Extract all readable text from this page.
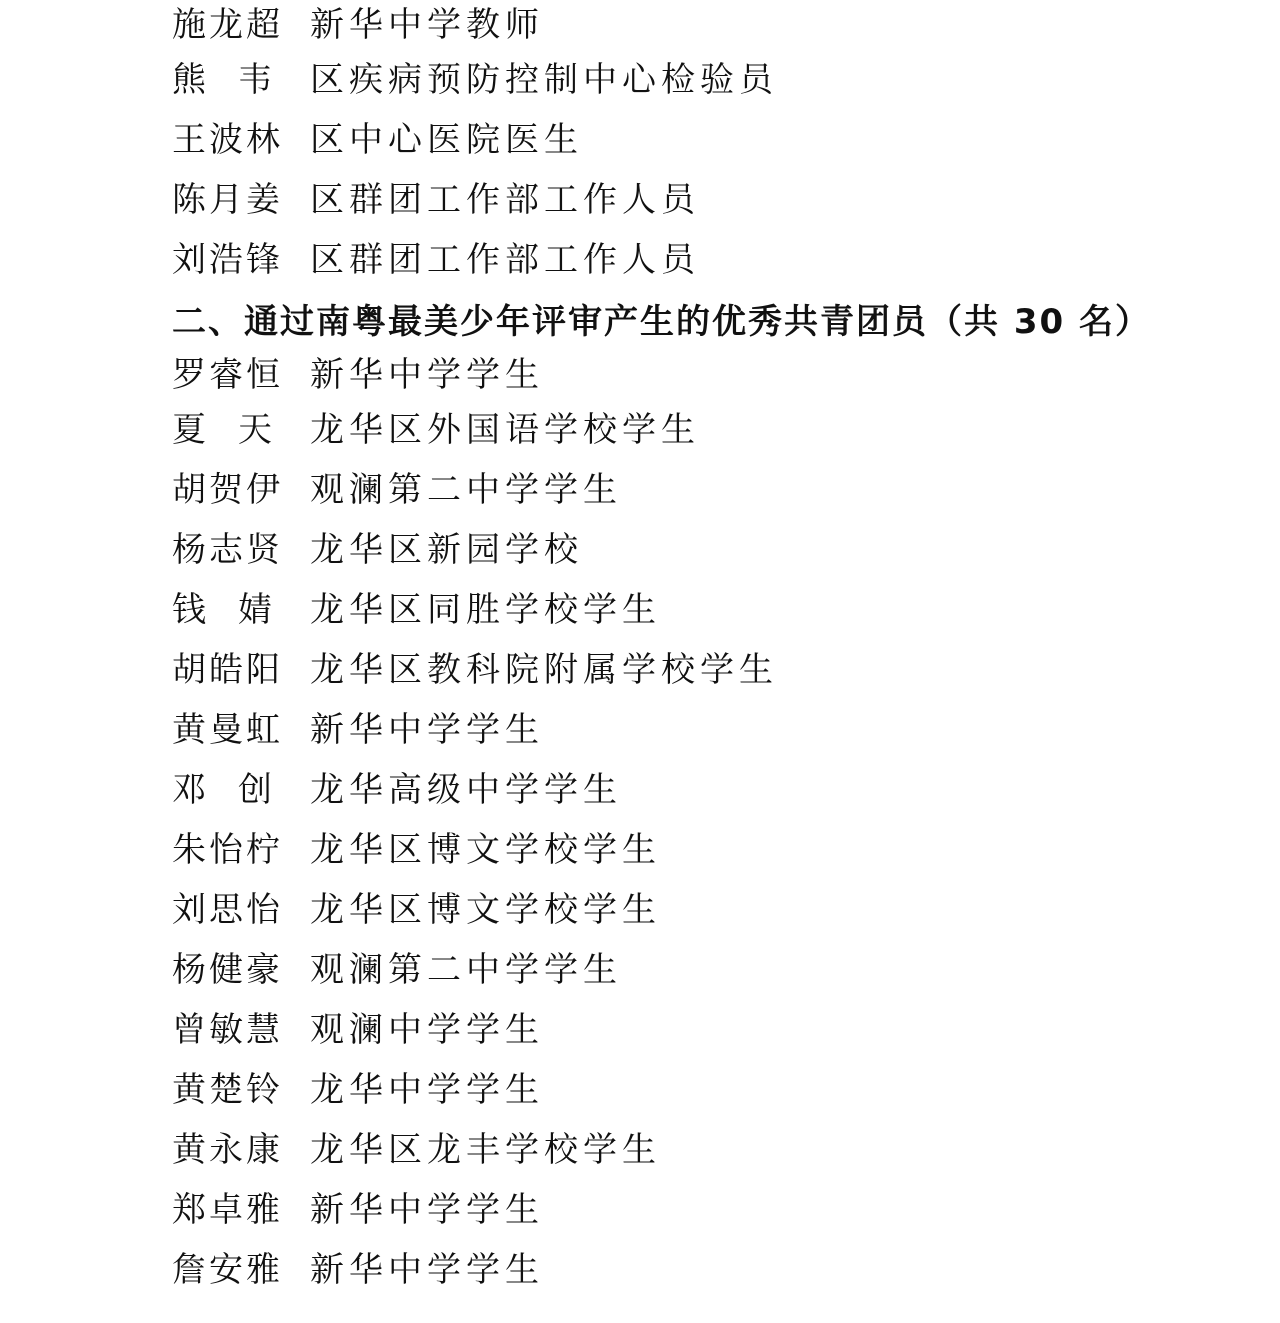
施龙超 新华中学教师
熊 韦 区疾病预防控制中心检验员
王波林 区中心医院医生
陈月姜 区群团工作部工作人员
刘浩锋 区群团工作部工作人员
二、通过南粤最美少年评审产生的优秀共青团员（共 30 名）
罗睿恒 新华中学学生
夏 天 龙华区外国语学校学生
胡贺伊 观澜第二中学学生
杨志贤 龙华区新园学校
钱 婧 龙华区同胜学校学生
胡皓阳 龙华区教科院附属学校学生
黄曼虹 新华中学学生
邓 创 龙华高级中学学生
朱怡柠 龙华区博文学校学生
刘思怡 龙华区博文学校学生
杨健豪 观澜第二中学学生
曾敏慧 观澜中学学生
黄楚铃 龙华中学学生
黄永康 龙华区龙丰学校学生
郑卓雅 新华中学学生
詹安雅 新华中学学生
